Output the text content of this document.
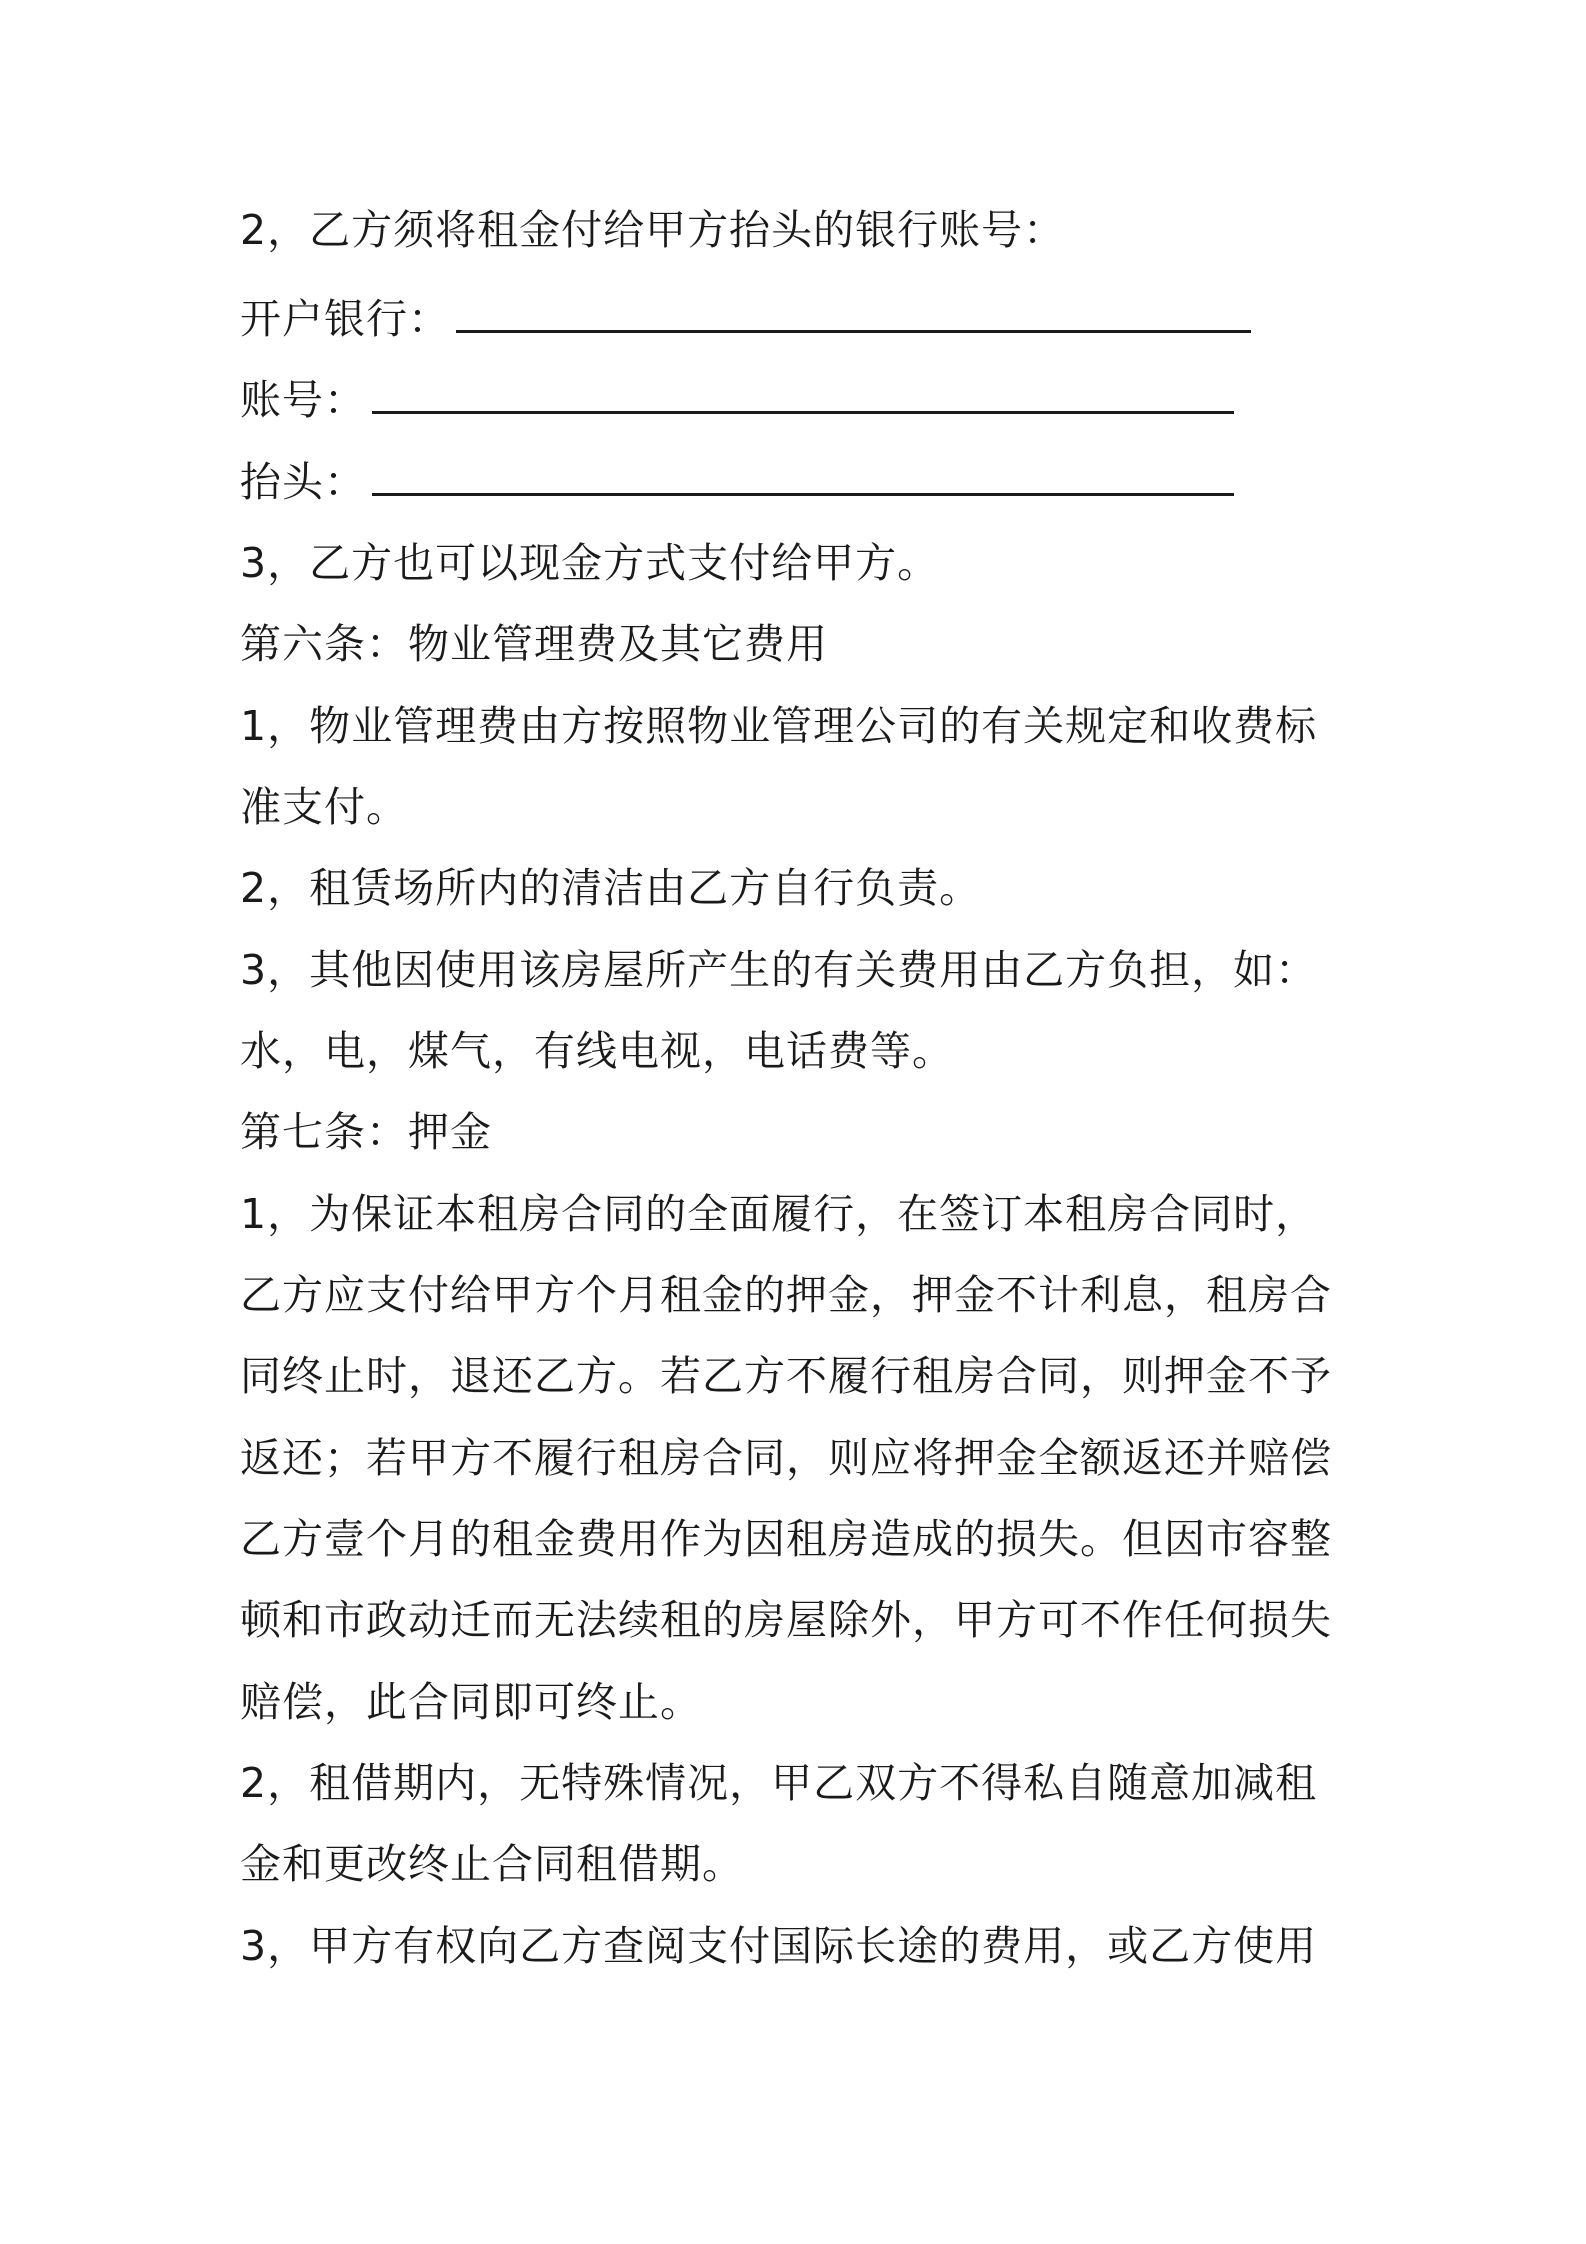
2，乙方须将租金付给甲方抬头的银行账号：
开户银行：
账号：
抬头：
3，乙方也可以现金方式支付给甲方。
第六条：物业管理费及其它费用
1，物业管理费由方按照物业管理公司的有关规定和收费标
准支付。
2，租赁场所内的清洁由乙方自行负责。
3，其他因使用该房屋所产生的有关费用由乙方负担，如：
水，电，煤气，有线电视，电话费等。
第七条：押金
1，为保证本租房合同的全面履行，在签订本租房合同时，
乙方应支付给甲方个月租金的押金，押金不计利息，租房合
同终止时，退还乙方。若乙方不履行租房合同，则押金不予
返还；若甲方不履行租房合同，则应将押金全额返还并赔偿
乙方壹个月的租金费用作为因租房造成的损失。但因市容整
顿和市政动迁而无法续租的房屋除外，甲方可不作任何损失
赔偿，此合同即可终止。
2，租借期内，无特殊情况，甲乙双方不得私自随意加减租
金和更改终止合同租借期。
3，甲方有权向乙方查阅支付国际长途的费用，或乙方使用
